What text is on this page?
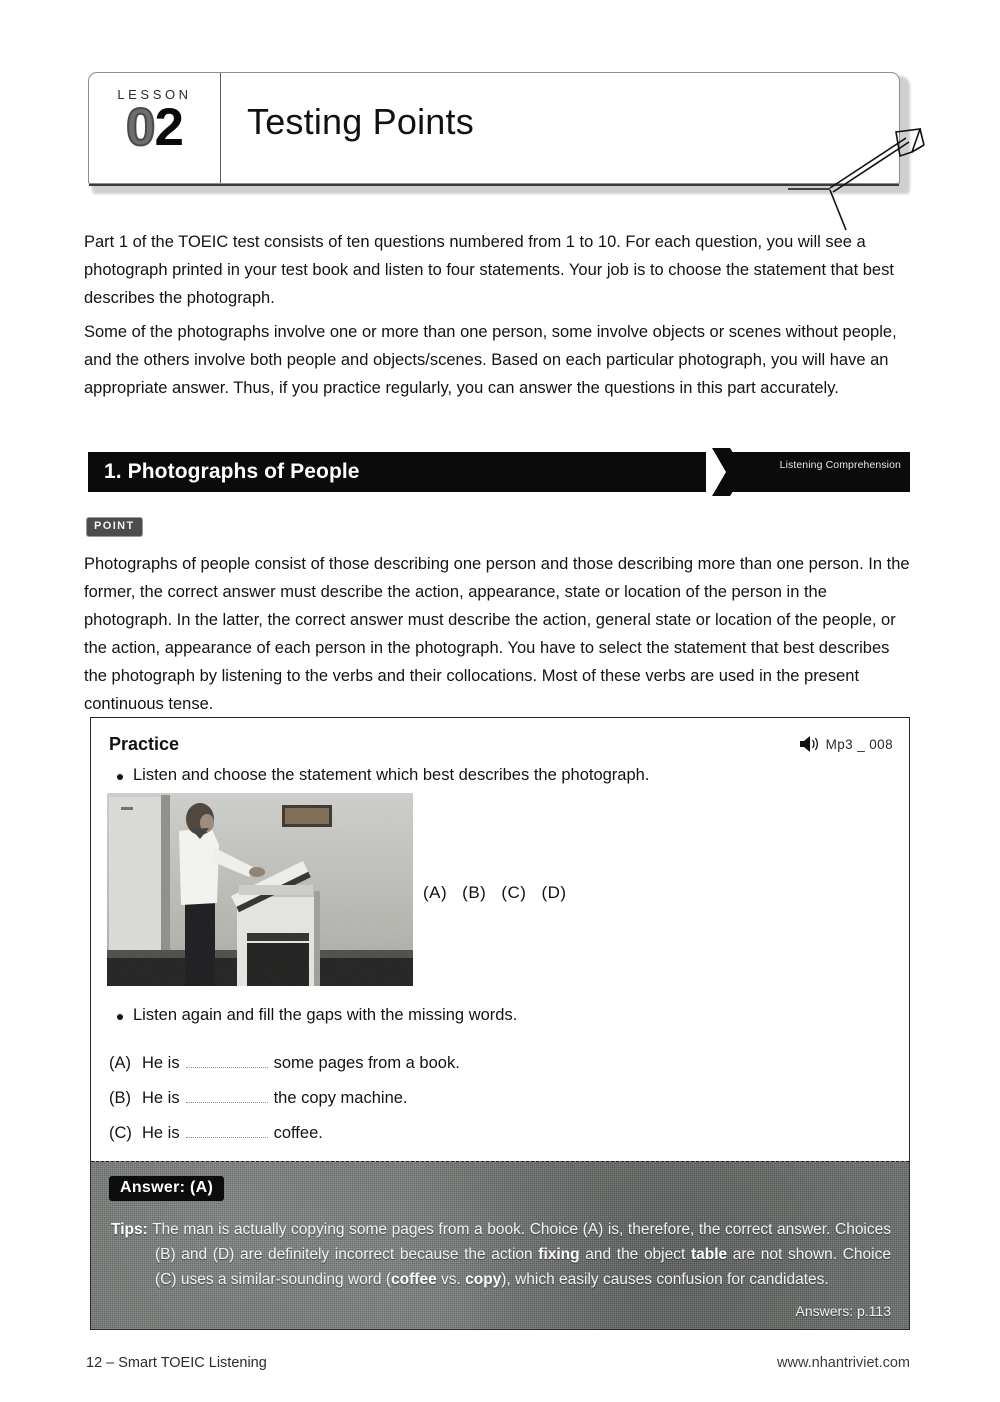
LESSON
02	Testing Points
Part 1 of the TOEIC test consists of ten questions numbered from 1 to 10. For each question, you will see a photograph printed in your test book and listen to four statements. Your job is to choose the statement that best describes the photograph.
Some of the photographs involve one or more than one person, some involve objects or scenes without people, and the others involve both people and objects/scenes. Based on each particular photograph, you will have an appropriate answer. Thus, if you practice regularly, you can answer the questions in this part accurately.
1. Photographs of People	Listening Comprehension
POINT
Photographs of people consist of those describing one person and those describing more than one person. In the former, the correct answer must describe the action, appearance, state or location of the person in the photograph. In the latter, the correct answer must describe the action, general state or location of the people, or the action, appearance of each person in the photograph. You have to select the statement that best describes the photograph by listening to the verbs and their collocations. Most of these verbs are used in the present continuous tense.
Practice	Mp3 _ 008
Listen and choose the statement which best describes the photograph.
(A) (B) (C) (D)
Listen again and fill the gaps with the missing words.
(A) He is	some pages from a book.
(B) He is	the copy machine.
(C) He is	coffee.
Answer: (A)
Tips: The man is actually copying some pages from a book. Choice (A) is, therefore, the correct answer. Choices (B) and (D) are definitely incorrect because the action fixing and the object table are not shown. Choice (C) uses a similar-sounding word (coffee vs. copy), which easily causes confusion for candidates.
Answers: p.113
12 – Smart TOEIC Listening	www.nhantriviet.com
